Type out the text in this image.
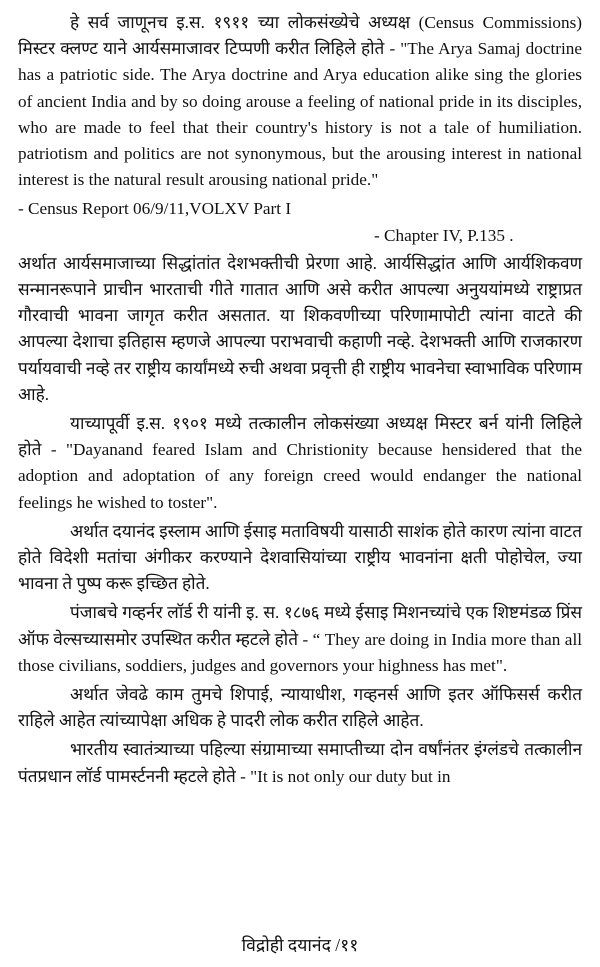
हे सर्व जाणूनच इ.स. १९११ च्या लोकसंख्येचे अध्यक्ष (Census Commissions) मिस्टर क्लण्ट याने आर्यसमाजावर टिप्पणी करीत लिहिले होते - "The Arya Samaj doctrine has a patriotic side. The Arya doctrine and Arya education alike sing the glories of ancient India and by so doing arouse a feeling of national pride in its disciples, who are made to feel that their country's history is not a tale of humiliation. patriotism and politics are not synonymous, but the arousing interest in national interest is the natural result arousing national pride."

- Census Report 06/9/11,VOLXV Part I

- Chapter IV, P.135 .

अर्थात आर्यसमाजाच्या सिद्धांतांत देशभक्तीची प्रेरणा आहे. आर्यसिद्धांत आणि आर्यशिकवण सन्मानरूपाने प्राचीन भारताची गीते गातात आणि असे करीत आपल्या अनुययांमध्ये राष्ट्राप्रत गौरवाची भावना जागृत करीत असतात. या शिकवणीच्या परिणामापोटी त्यांना वाटते की आपल्या देशाचा इतिहास म्हणजे आपल्या पराभवाची कहाणी नव्हे. देशभक्ती आणि राजकारण पर्यायवाची नव्हे तर राष्ट्रीय कार्यांमध्ये रुची अथवा प्रवृत्ती ही राष्ट्रीय भावनेचा स्वाभाविक परिणाम आहे.

याच्यापूर्वी इ.स. १९०१ मध्ये तत्कालीन लोकसंख्या अध्यक्ष मिस्टर बर्न यांनी लिहिले होते - "Dayanand feared Islam and Christionity because hensidered that the adoption and adoptation of any foreign creed would endanger the national feelings he wished to toster".

अर्थात दयानंद इस्लाम आणि ईसाइ मताविषयी यासाठी साशंक होते कारण त्यांना वाटत होते विदेशी मतांचा अंगीकर करण्याने देशवासियांच्या राष्ट्रीय भावनांना क्षती पोहोचेल, ज्या भावना ते पुष्प करू इच्छित होते.

पंजाबचे गव्हर्नर लॉर्ड री यांनी इ. स. १८७६ मध्ये ईसाइ मिशनच्यांचे एक शिष्टमंडळ प्रिंस ऑफ वेल्सच्यासमोर उपस्थित करीत म्हटले होते - “ They are doing in India more than all those civilians, soddiers, judges and governors your highness has met".

अर्थात जेवढे काम तुमचे शिपाई, न्यायाधीश, गव्हनर्स आणि इतर ऑफिसर्स करीत राहिले आहेत त्यांच्यापेक्षा अधिक हे पादरी लोक करीत राहिले आहेत.

भारतीय स्वातंत्र्याच्या पहिल्या संग्रामाच्या समाप्तीच्या दोन वर्षांनंतर इंग्लंडचे तत्कालीन पंतप्रधान लॉर्ड पामर्स्टननी म्हटले होते - "It is not only our duty but in

विद्रोही दयानंद /११
